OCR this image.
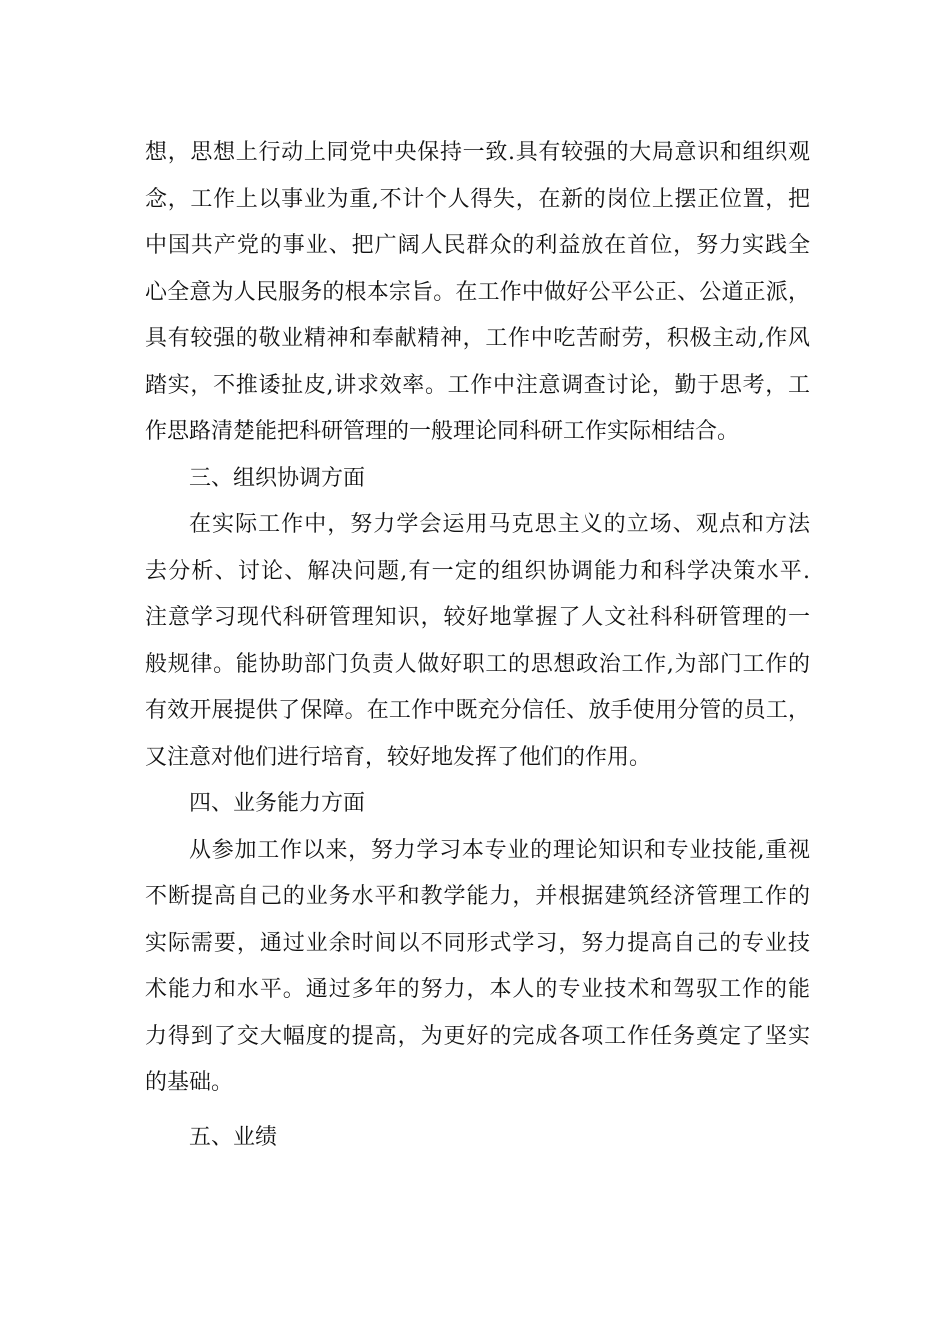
想，思想上行动上同党中央保持一致.具有较强的大局意识和组织观
念，工作上以事业为重,不计个人得失，在新的岗位上摆正位置，把
中国共产党的事业、把广阔人民群众的利益放在首位，努力实践全
心全意为人民服务的根本宗旨。在工作中做好公平公正、公道正派，
具有较强的敬业精神和奉献精神，工作中吃苦耐劳，积极主动,作风
踏实，不推诿扯皮,讲求效率。工作中注意调查讨论，勤于思考，工
作思路清楚能把科研管理的一般理论同科研工作实际相结合。
三、组织协调方面
在实际工作中，努力学会运用马克思主义的立场、观点和方法
去分析、讨论、解决问题,有一定的组织协调能力和科学决策水平.
注意学习现代科研管理知识，较好地掌握了人文社科科研管理的一
般规律。能协助部门负责人做好职工的思想政治工作,为部门工作的
有效开展提供了保障。在工作中既充分信任、放手使用分管的员工，
又注意对他们进行培育，较好地发挥了他们的作用。
四、业务能力方面
从参加工作以来，努力学习本专业的理论知识和专业技能,重视
不断提高自己的业务水平和教学能力，并根据建筑经济管理工作的
实际需要，通过业余时间以不同形式学习，努力提高自己的专业技
术能力和水平。通过多年的努力，本人的专业技术和驾驭工作的能
力得到了交大幅度的提高，为更好的完成各项工作任务奠定了坚实
的基础。
五、业绩
